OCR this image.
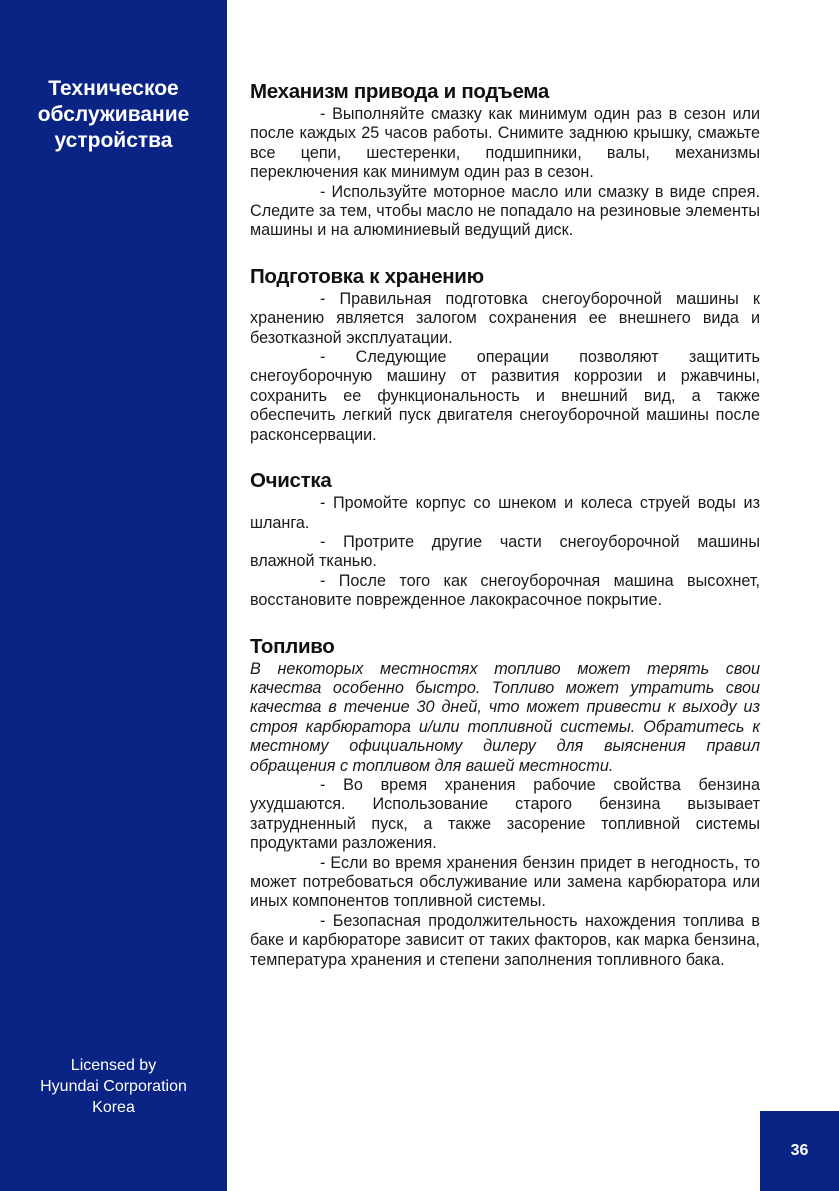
Техническое
обслуживание
устройства
Licensed by
Hyundai Corporation
Korea
Механизм привода и подъема

- Выполняйте смазку как минимум один раз в сезон или после каждых 25 часов работы. Снимите заднюю крышку, смажьте все цепи, шестеренки, подшипники, валы, механизмы переключения как минимум один раз в сезон.

- Используйте моторное масло или смазку в виде спрея. Следите за тем, чтобы масло не попадало на резиновые элементы машины и на алюминиевый ведущий диск.

Подготовка к хранению

- Правильная подготовка снегоуборочной машины к хранению является залогом сохранения ее внешнего вида и безотказной эксплуатации.

- Следующие операции позволяют защитить снегоуборочную машину от развития коррозии и ржавчины, сохранить ее функциональность и внешний вид, а также обеспечить легкий пуск двигателя снегоуборочной машины после расконсервации.

Очистка

- Промойте корпус со шнеком и колеса струей воды из шланга.

- Протрите другие части снегоуборочной машины влажной тканью.

- После того как снегоуборочная машина высохнет, восстановите поврежденное лакокрасочное покрытие.

Топливо

В некоторых местностях топливо может терять свои качества особенно быстро. Топливо может утратить свои качества в течение 30 дней, что может привести к выходу из строя карбюратора и/или топливной системы. Обратитесь к местному официальному дилеру для выяснения правил обращения с топливом для вашей местности.

- Во время хранения рабочие свойства бензина ухудшаются. Использование старого бензина вызывает затрудненный пуск, а также засорение топливной системы продуктами разложения.

- Если во время хранения бензин придет в негодность, то может потребоваться обслуживание или замена карбюратора или иных компонентов топливной системы.

- Безопасная продолжительность нахождения топлива в баке и карбюраторе зависит от таких факторов, как марка бензина, температура хранения и степени заполнения топливного бака.

36
